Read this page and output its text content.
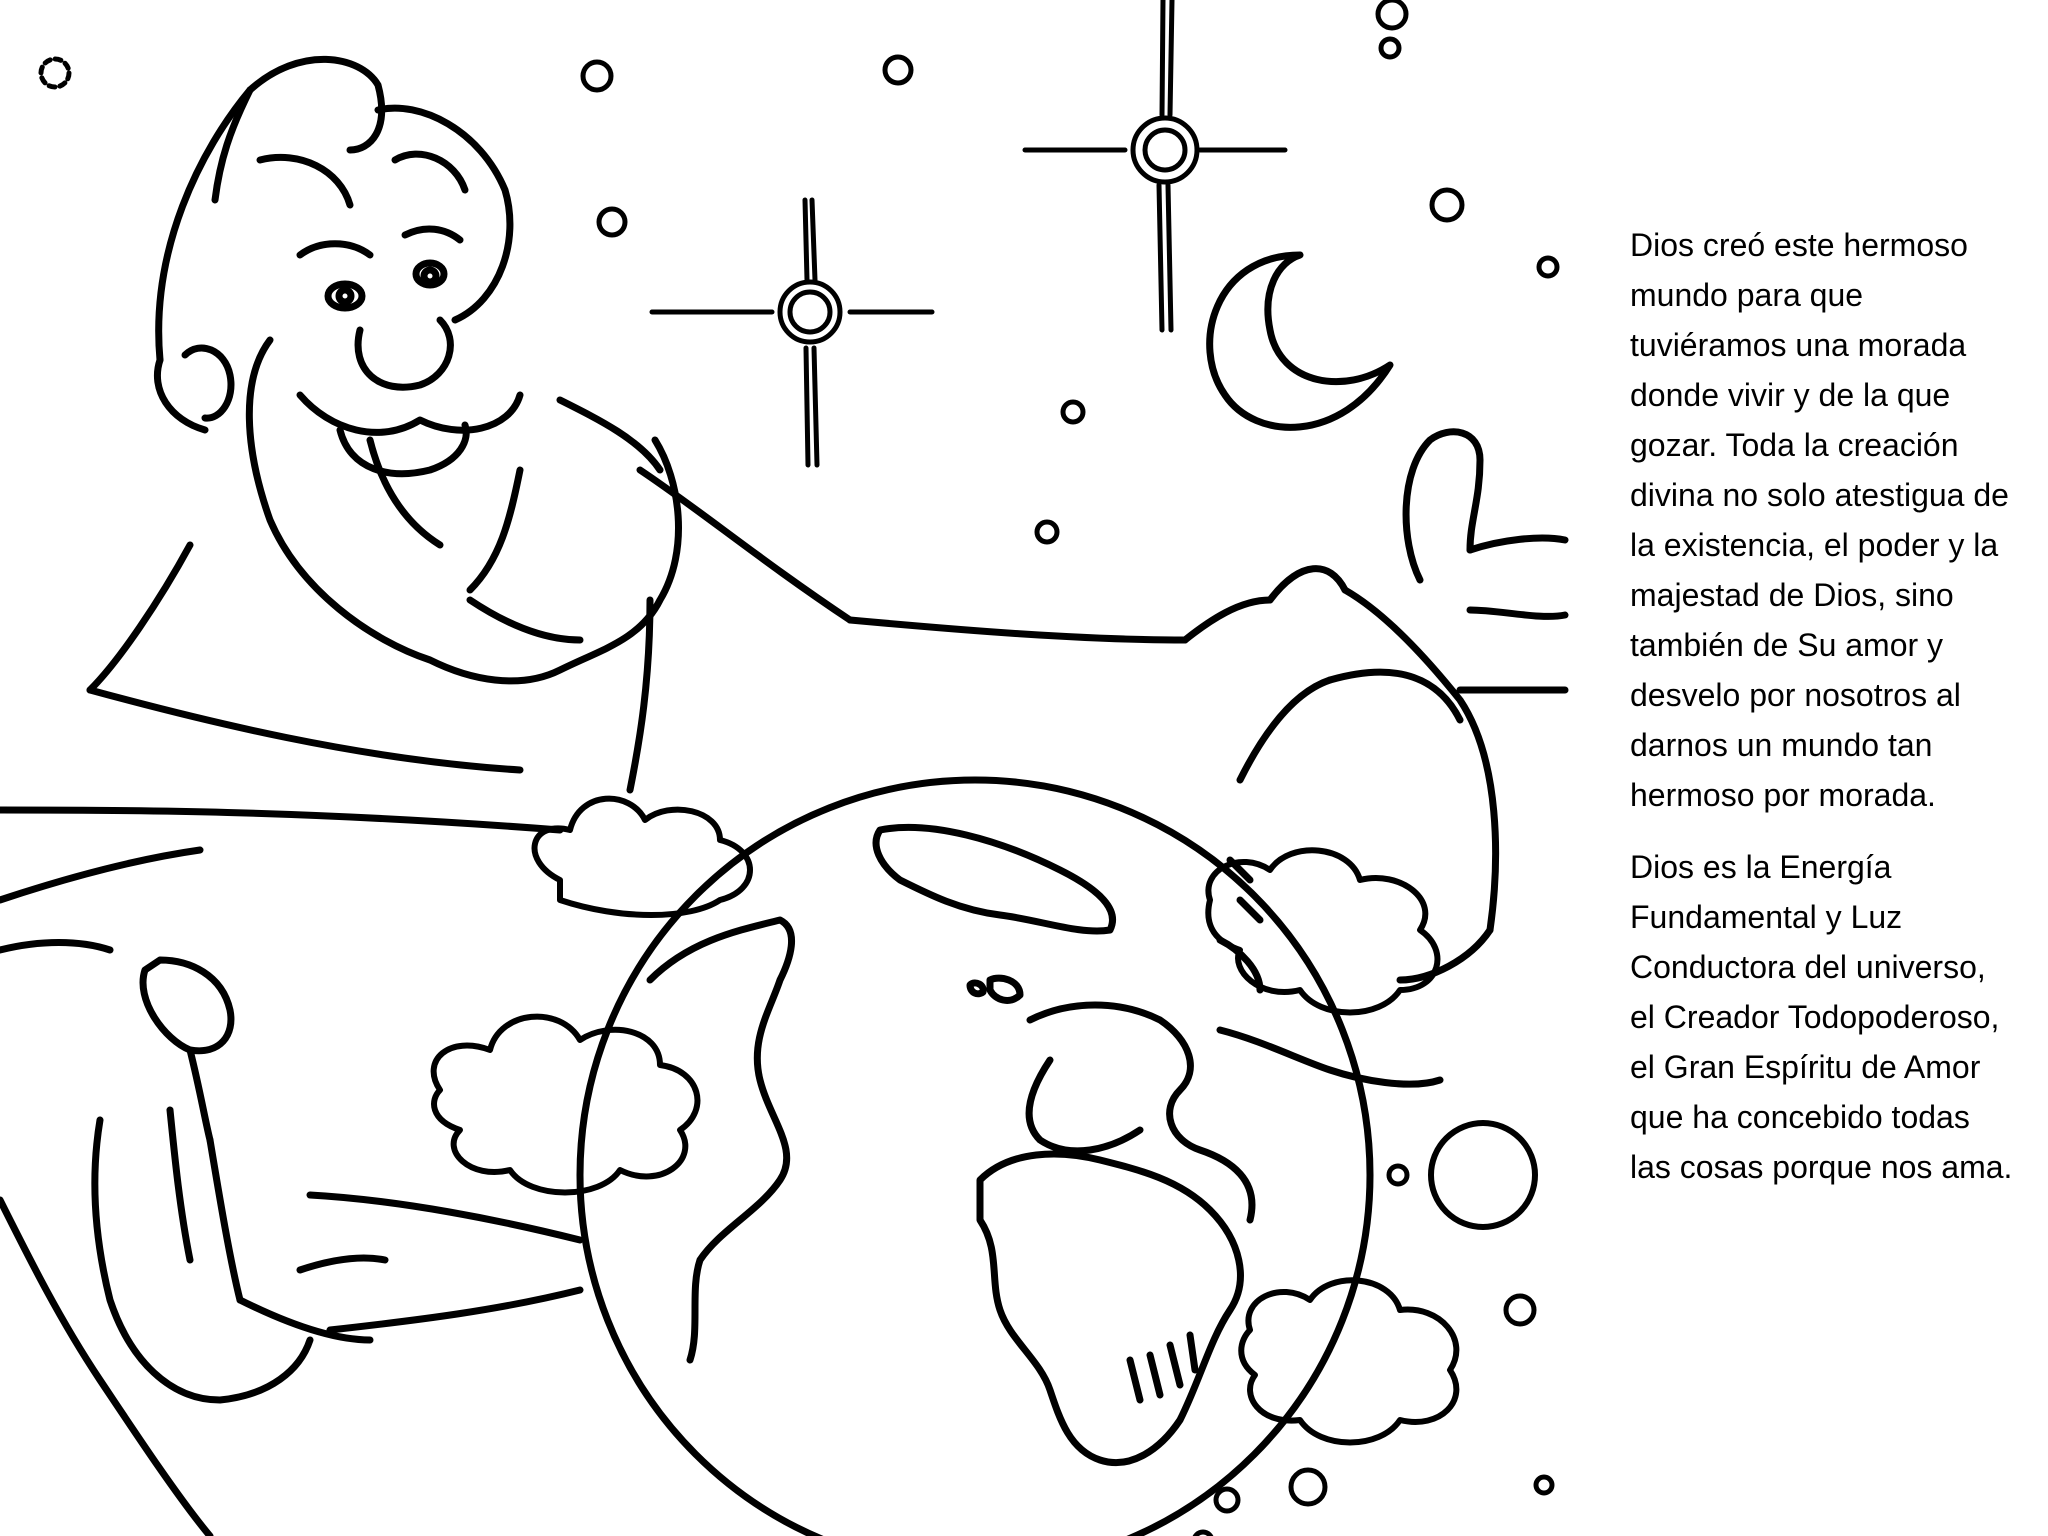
Dios creó este hermoso mundo para que tuviéramos una morada donde vivir y de la que gozar. Toda la creación divina no solo atestigua de la existencia, el poder y la majestad de Dios, sino también de Su amor y desvelo por nosotros al darnos un mundo tan hermoso por morada.

Dios es la Energía Fundamental y Luz Conductora del universo, el Creador Todopoderoso, el Gran Espíritu de Amor que ha concebido todas las cosas porque nos ama.
